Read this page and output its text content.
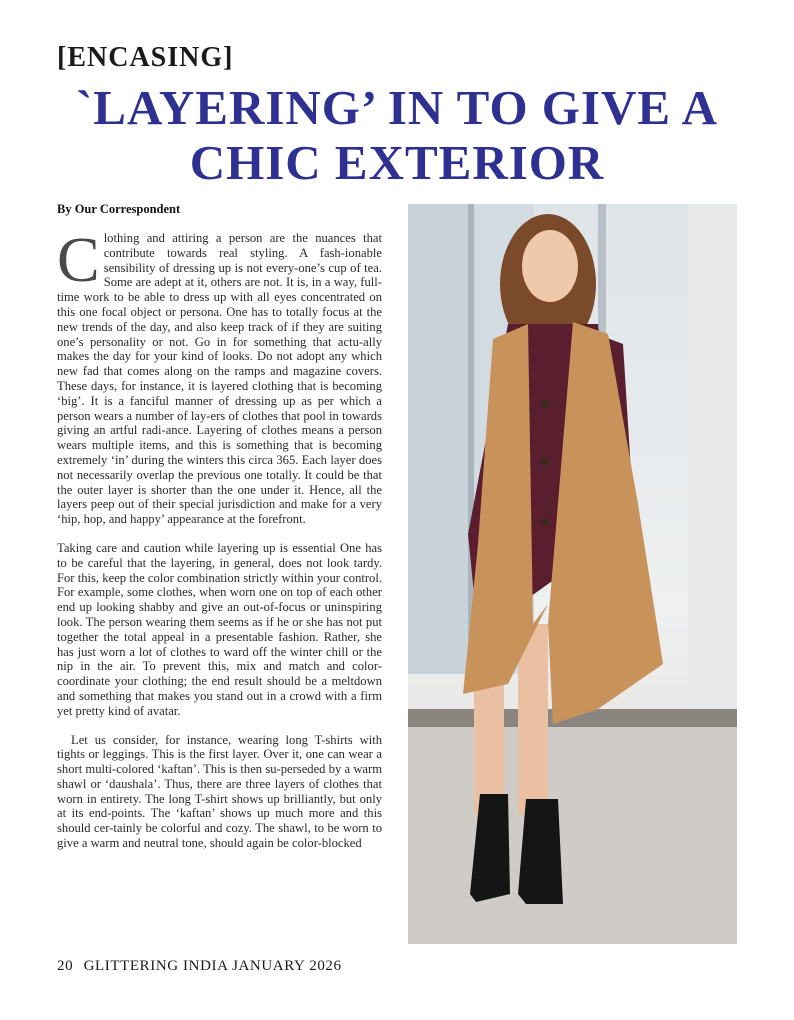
[ENCASING]
`LAYERING’ IN TO GIVE A
CHIC EXTERIOR
By Our Correspondent

Clothing and attiring a person are the nuances that contribute towards real styling. A fash-ionable sensibility of dressing up is not every-one’s cup of tea. Some are adept at it, others are not. It is, in a way, full-time work to be able to dress up with all eyes concentrated on this one focal object or persona. One has to totally focus at the new trends of the day, and also keep track of if they are suiting one’s personality or not. Go in for something that actu-ally makes the day for your kind of looks. Do not adopt any which new fad that comes along on the ramps and magazine covers. These days, for instance, it is layered clothing that is becoming ‘big’. It is a fanciful manner of dressing up as per which a person wears a number of lay-ers of clothes that pool in towards giving an artful radi-ance. Layering of clothes means a person wears multiple items, and this is something that is becoming extremely ‘in’ during the winters this circa 365. Each layer does not necessarily overlap the previous one totally. It could be that the outer layer is shorter than the one under it. Hence, all the layers peep out of their special jurisdiction and make for a very ‘hip, hop, and happy’ appearance at the forefront.

Taking care and caution while layering up is essential One has to be careful that the layering, in general, does not look tardy. For this, keep the color combination strictly within your control. For example, some clothes, when worn one on top of each other end up looking shabby and give an out-of-focus or uninspiring look. The person wearing them seems as if he or she has not put together the total appeal in a presentable fashion. Rather, she has just worn a lot of clothes to ward off the winter chill or the nip in the air. To prevent this, mix and match and color-coordinate your clothing; the end result should be a meltdown and something that makes you stand out in a crowd with a firm yet pretty kind of avatar.

Let us consider, for instance, wearing long T-shirts with tights or leggings. This is the first layer. Over it, one can wear a short multi-colored ‘kaftan’. This is then su-perseded by a warm shawl or ‘daushala’. Thus, there are three layers of clothes that worn in entirety. The long T-shirt shows up brilliantly, but only at its end-points. The ‘kaftan’ shows up much more and this should cer-tainly be colorful and cozy. The shawl, to be worn to give a warm and neutral tone, should again be color-blocked

20 GLITTERING INDIA JANUARY 2026
